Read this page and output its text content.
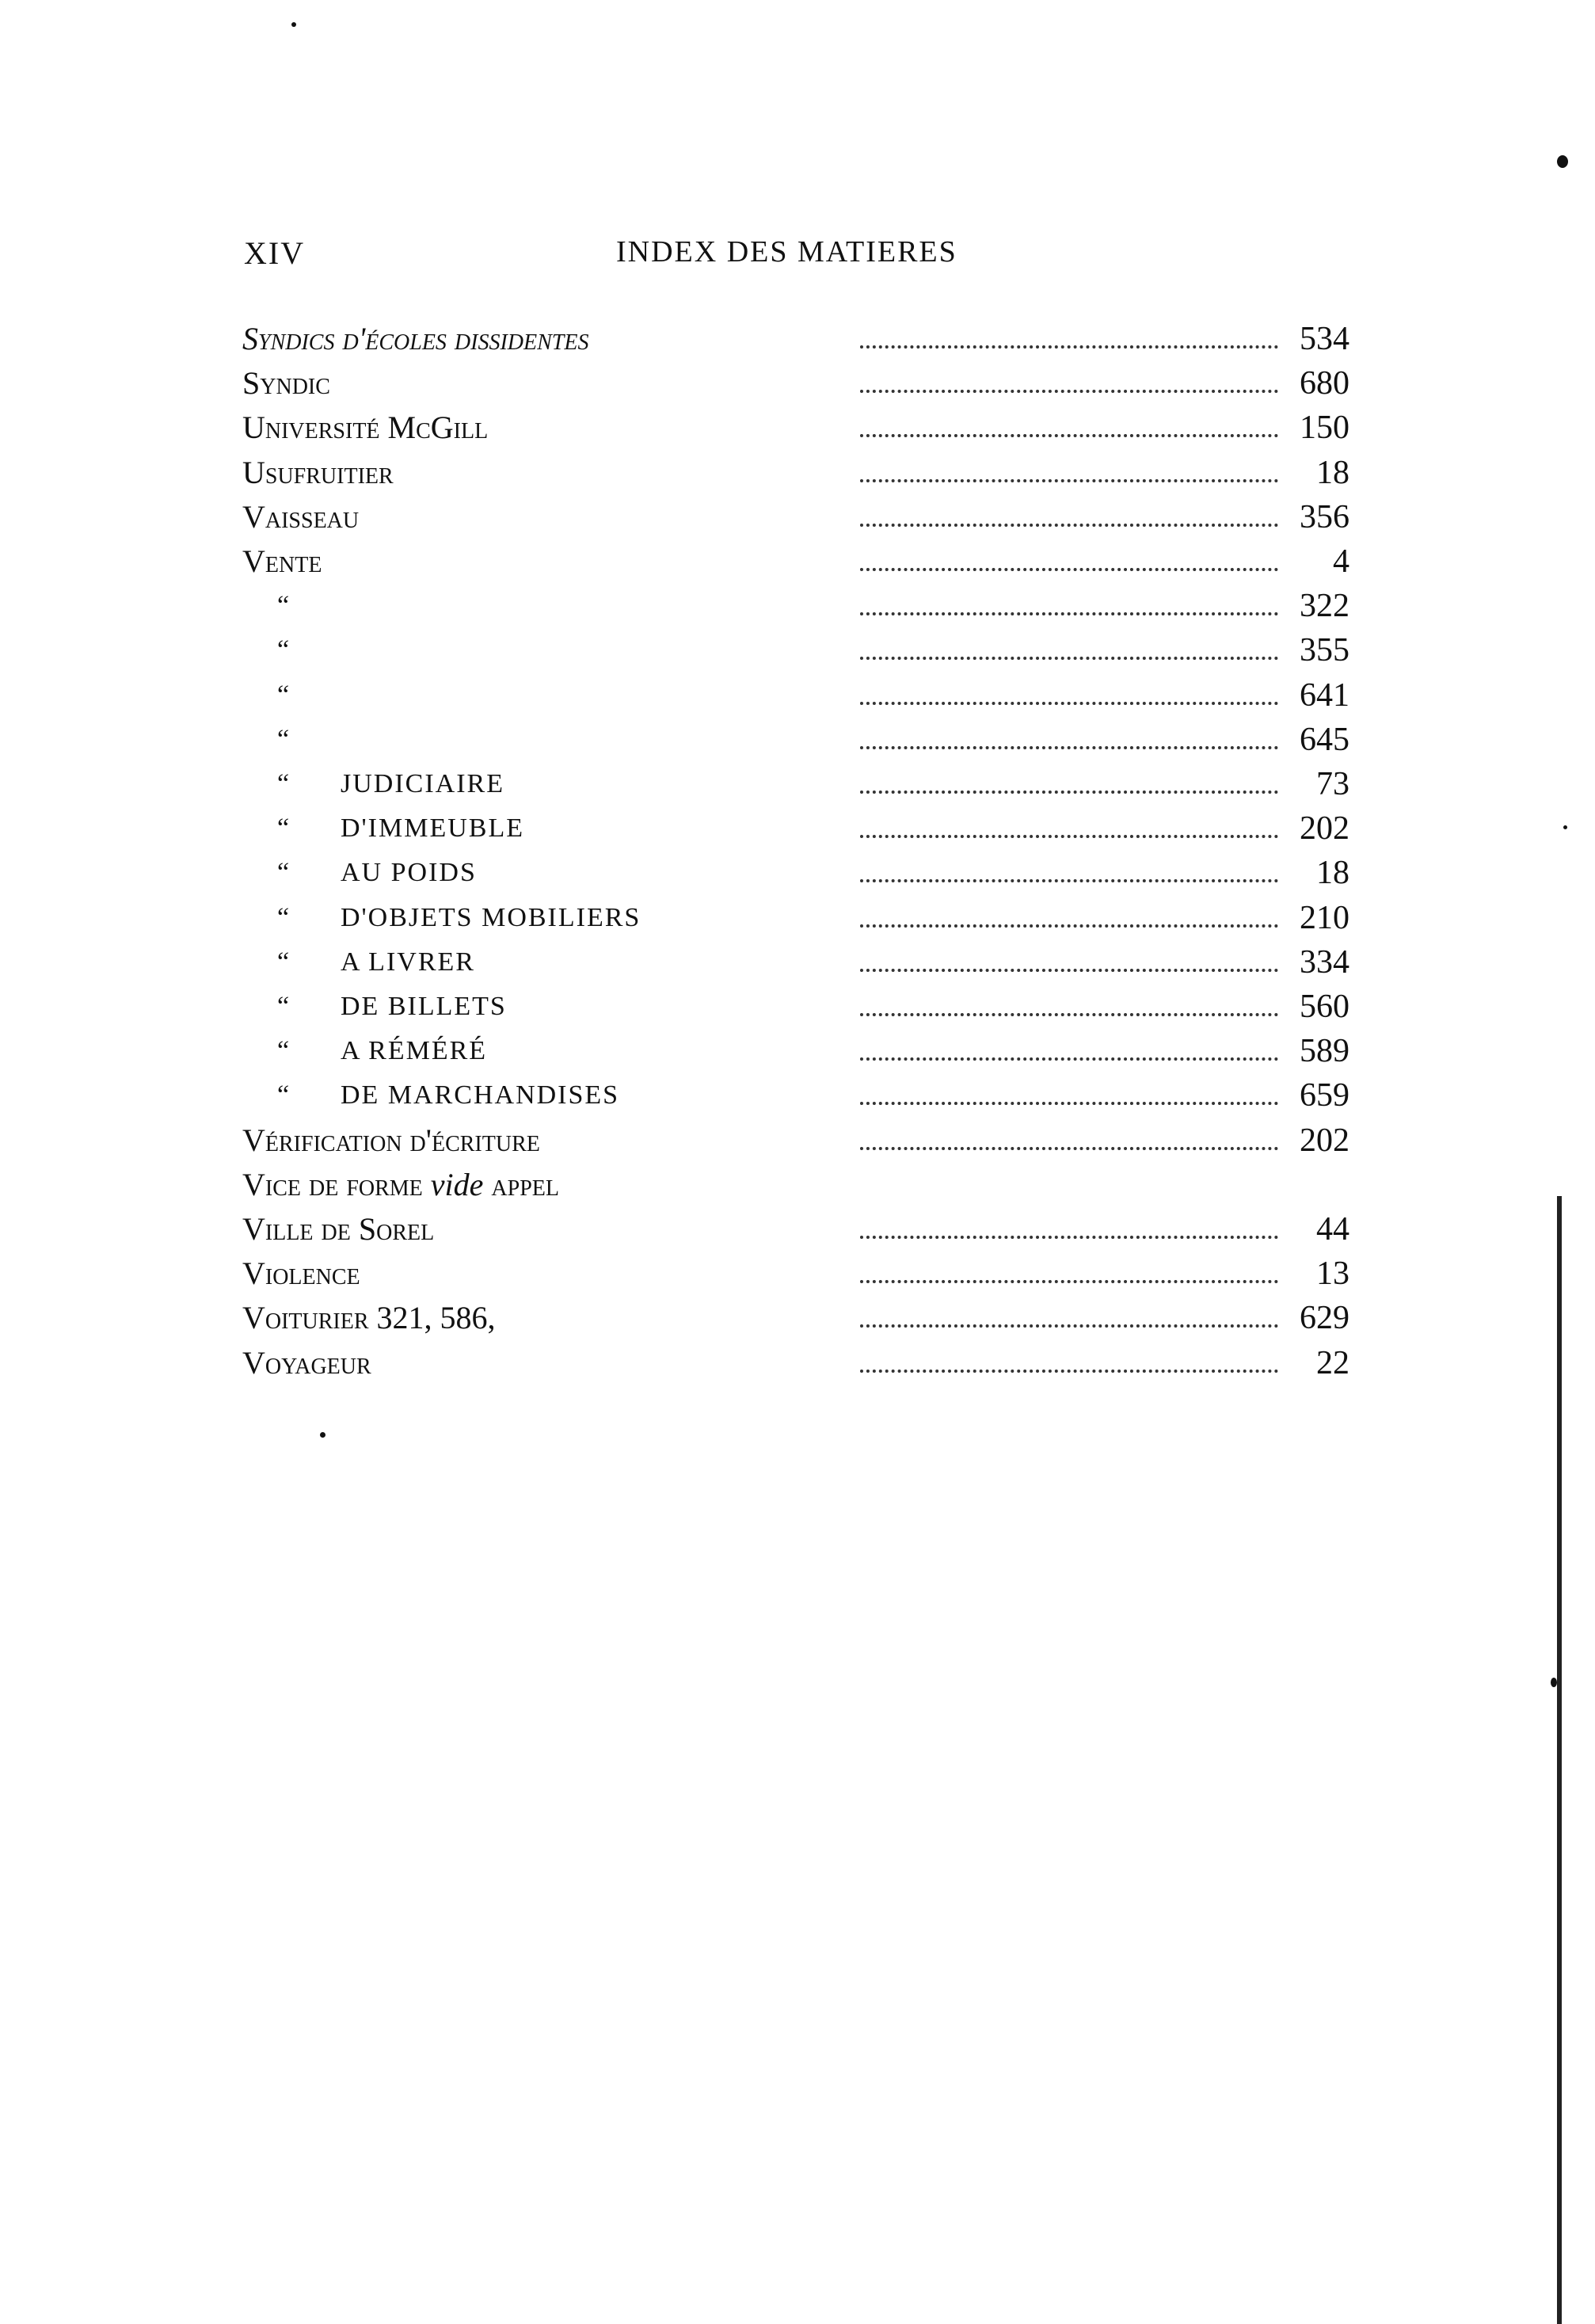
XIV	INDEX DES MATIERES
Syndics d'écoles dissidentes	534
Syndic	680
Université McGill	150
Usufruitier	18
Vaisseau	356
Vente	4
“	322
“	355
“	641
“	645
“ JUDICIAIRE	73
“ D'IMMEUBLE	202
“ AU POIDS	18
“ D'OBJETS MOBILIERS	210
“ A LIVRER	334
“ DE BILLETS	560
“ A RÉMÉRÉ	589
“ DE MARCHANDISES	659
Vérification d'écriture	202
Vice de forme vide appel
Ville de Sorel	44
Violence	13
Voiturier 321, 586,	629
Voyageur	22
